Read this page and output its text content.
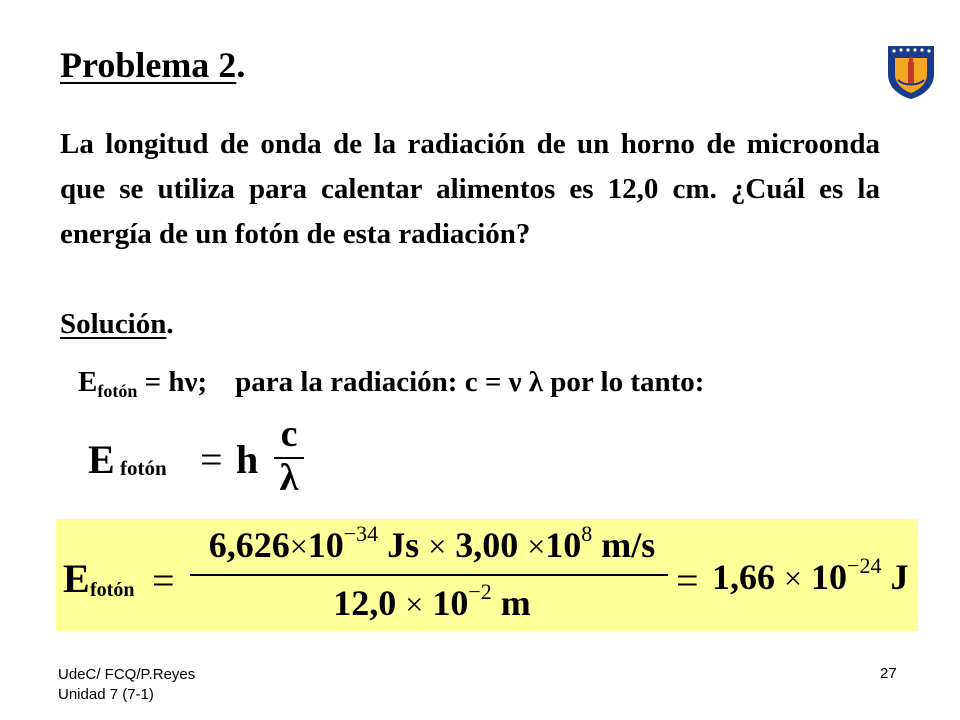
Problema 2.
La longitud de onda de la radiación de un horno de microonda que se utiliza para calentar alimentos es 12,0 cm. ¿Cuál es la energía de un fotón de esta radiación?
Solución.
$E_{fotón} = h\nu$; para la radiación: c = ν λ por lo tanto:
E fotón = h
c
λ
E fotón =
$6,626\times 10^{-34}$ $Js \times 3,00 \times 10^8$ m/s
$12,0 \times 10^{-2}$ m	= $1,66 \times 10^{-24}$ J
UdeC/ FCQ/P.Reyes
Unidad 7 (7-1)
27
